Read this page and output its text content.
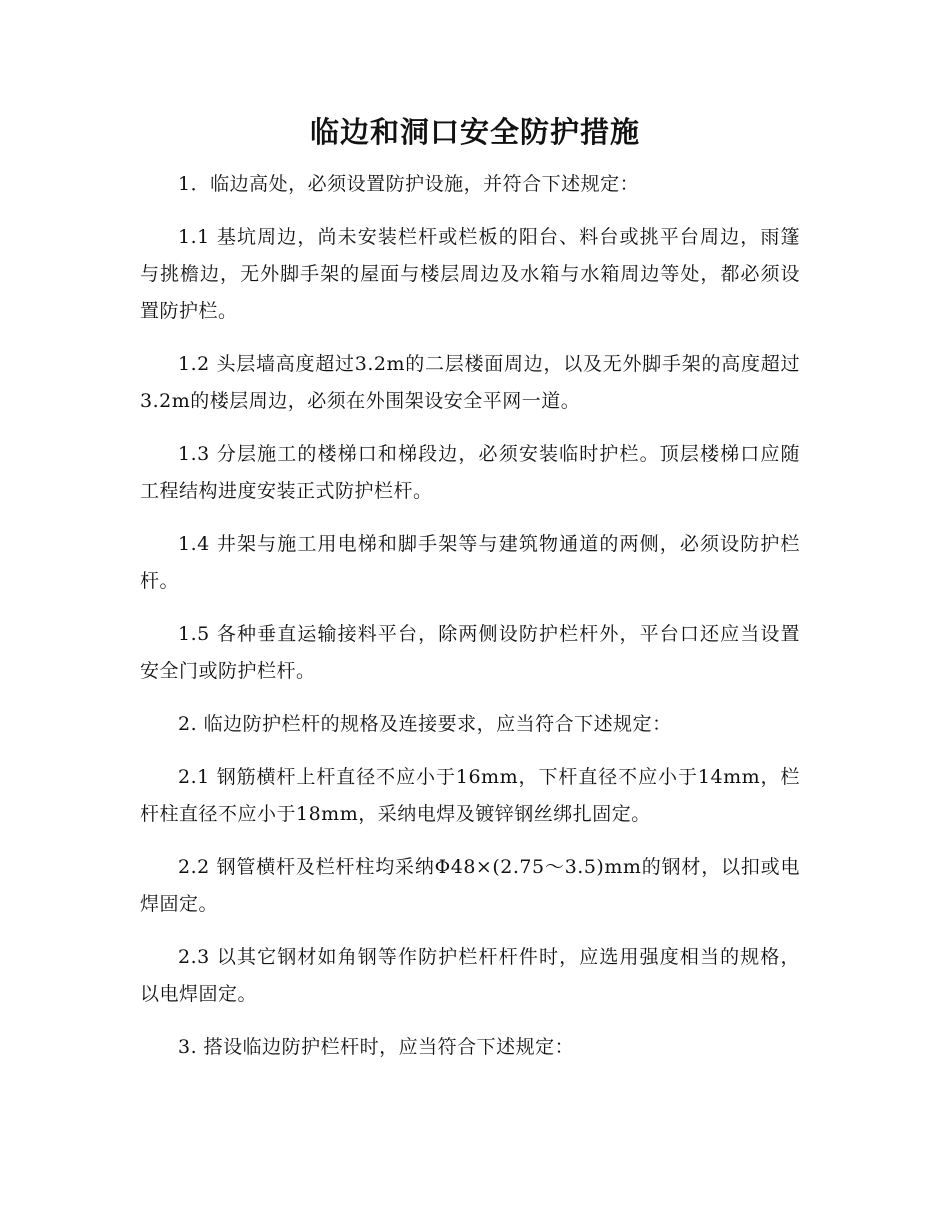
临边和洞口安全防护措施

1．临边高处，必须设置防护设施，并符合下述规定：

1.1 基坑周边，尚未安装栏杆或栏板的阳台、料台或挑平台周边，雨篷与挑檐边，无外脚手架的屋面与楼层周边及水箱与水箱周边等处，都必须设置防护栏。

1.2 头层墙高度超过3.2m的二层楼面周边，以及无外脚手架的高度超过　3.2m的楼层周边，必须在外围架设安全平网一道。

1.3 分层施工的楼梯口和梯段边，必须安装临时护栏。顶层楼梯口应随工程结构进度安装正式防护栏杆。

1.4 井架与施工用电梯和脚手架等与建筑物通道的两侧，必须设防护栏杆。

1.5 各种垂直运输接料平台，除两侧设防护栏杆外，平台口还应当设置安全门或防护栏杆。

2. 临边防护栏杆的规格及连接要求，应当符合下述规定：

2.1 钢筋横杆上杆直径不应小于16mm，下杆直径不应小于14mm，栏杆柱直径不应小于18mm，采纳电焊及镀锌钢丝绑扎固定。

2.2 钢管横杆及栏杆柱均采纳Φ48×(2.75～3.5)mm的钢材，以扣或电焊固定。

2.3 以其它钢材如角钢等作防护栏杆杆件时，应选用强度相当的规格，以电焊固定。

3. 搭设临边防护栏杆时，应当符合下述规定：
